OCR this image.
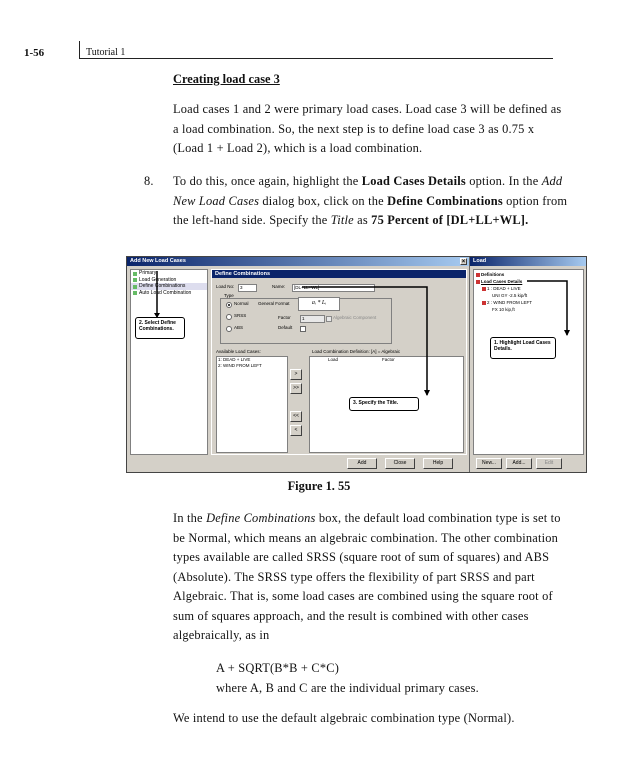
1-56	Tutorial 1
Creating load case 3
Load cases 1 and 2 were primary load cases. Load case 3 will be defined as a load combination. So, the next step is to define load case 3 as 0.75 x (Load 1 + Load 2), which is a load combination.
8. To do this, once again, highlight the Load Cases Details option. In the Add New Load Cases dialog box, click on the Define Combinations option from the left-hand side. Specify the Title as 75 Percent of [DL+LL+WL].
Add New Load Cases	×
Primary
Load Generation
Define Combinations
Auto Load Combination
Define Combinations
Load No:	3	Name:	[DL+LL+WL]
Type
Normal
SRSS
ABS
General Format	aᵢ * Lᵢ
Factor	1	Algebraic Component
Default
Available Load Cases:
1: DEAD + LIVE
2: WIND FROM LEFT
>
>>
<<
<
Load Combination Definition: [A] = Algebraic
Load	Factor
Add	Close	Help
2. Select Define Combinations.
3. Specify the Title.
Load
Definitions
Load Cases Details
1 : DEAD + LIVE
UNI GY -2.5 kip/ft
2 : WIND FROM LEFT
FX 10 kip,ft
1. Highlight Load Cases Details.
New...	Add...	Edit
Figure 1. 55
In the Define Combinations box, the default load combination type is set to be Normal, which means an algebraic combination. The other combination types available are called SRSS (square root of sum of squares) and ABS (Absolute). The SRSS type offers the flexibility of part SRSS and part Algebraic. That is, some load cases are combined using the square root of sum of squares approach, and the result is combined with other cases algebraically, as in
A + SQRT(B*B + C*C)
where A, B and C are the individual primary cases.
We intend to use the default algebraic combination type (Normal).
